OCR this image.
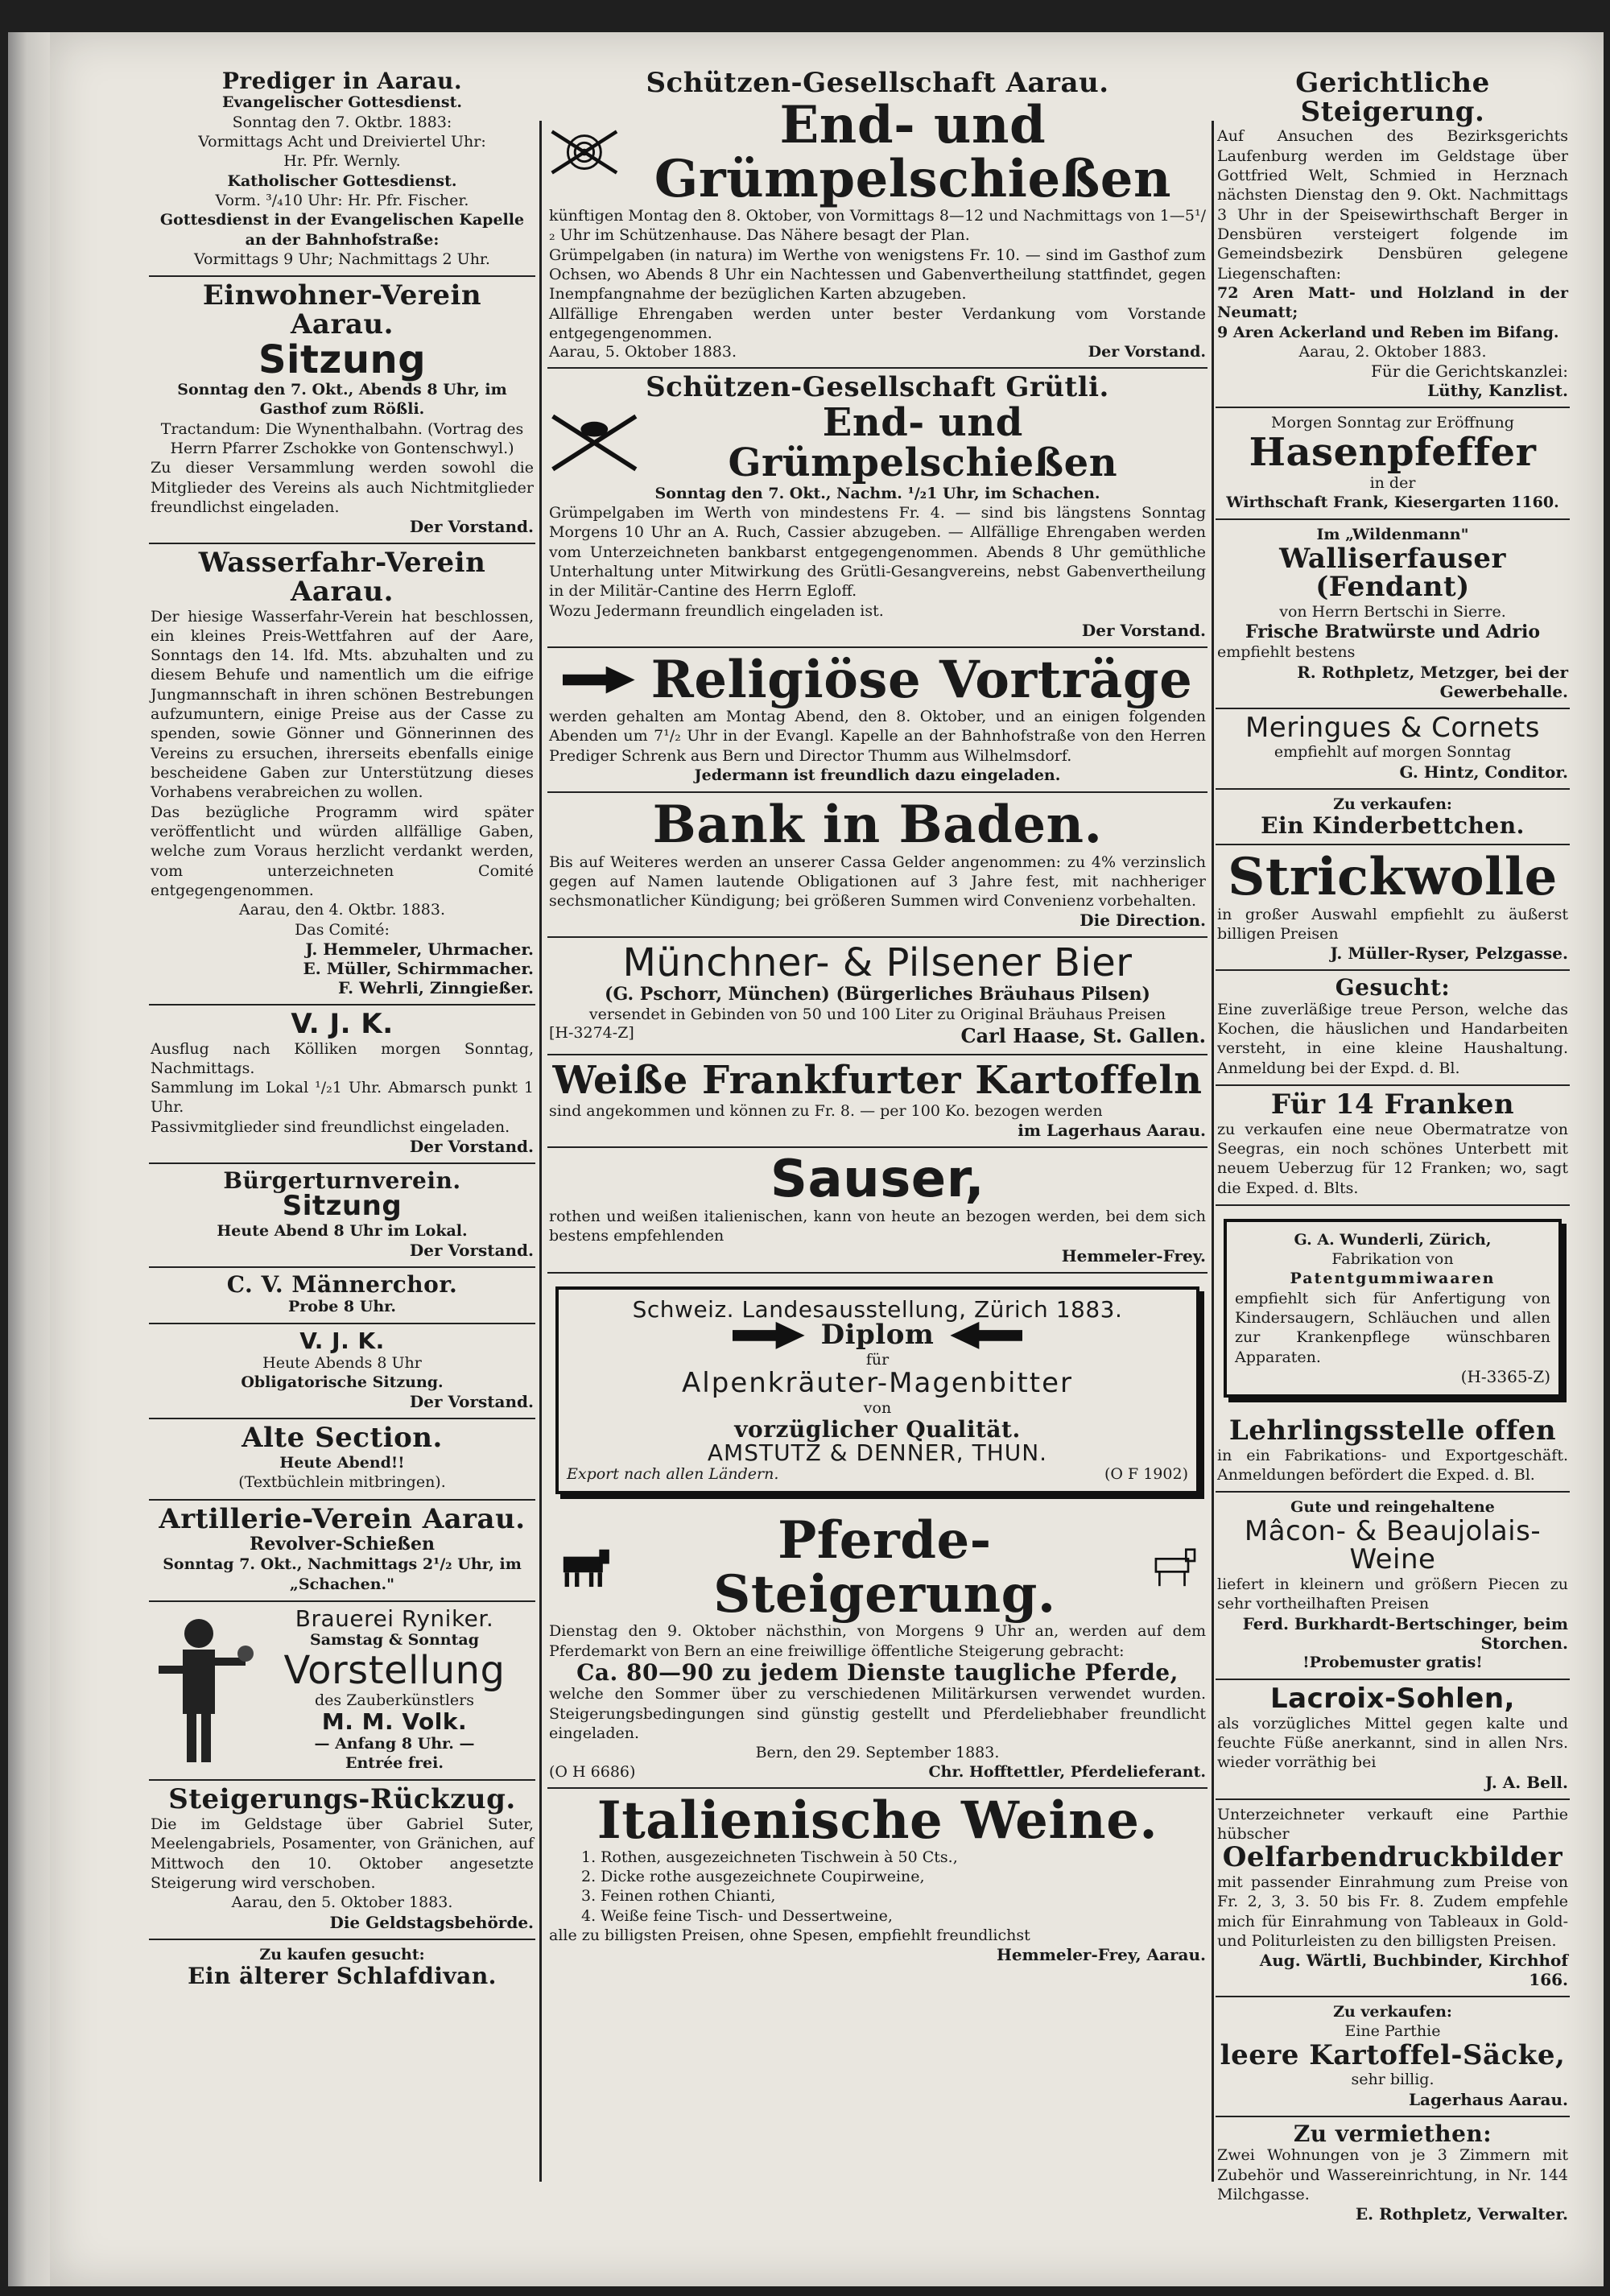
Prediger in Aarau.
Evangelischer Gottesdienst.
Sonntag den 7. Oktbr. 1883:
Vormittags Acht und Dreiviertel Uhr:
Hr. Pfr. Wernly.
Katholischer Gottesdienst.
Vorm. ³/₄10 Uhr: Hr. Pfr. Fischer.
Gottesdienst in der Evangelischen Kapelle an der Bahnhofstraße:
Vormittags 9 Uhr; Nachmittags 2 Uhr.
Einwohner-Verein Aarau.
Sitzung
Sonntag den 7. Okt., Abends 8 Uhr, im Gasthof zum Rößli.
Tractandum: Die Wynenthalbahn. (Vortrag des Herrn Pfarrer Zschokke von Gontenschwyl.)
Zu dieser Versammlung werden sowohl die Mitglieder des Vereins als auch Nichtmitglieder freundlichst eingeladen.
Der Vorstand.
Wasserfahr-Verein Aarau.
Der hiesige Wasserfahr-Verein hat beschlossen, ein kleines Preis-Wettfahren auf der Aare, Sonntags den 14. lfd. Mts. abzuhalten und zu diesem Behufe und namentlich um die eifrige Jungmannschaft in ihren schönen Bestrebungen aufzumuntern, einige Preise aus der Casse zu spenden, sowie Gönner und Gönnerinnen des Vereins zu ersuchen, ihrerseits ebenfalls einige bescheidene Gaben zur Unterstützung dieses Vorhabens verabreichen zu wollen.
Das bezügliche Programm wird später veröffentlicht und würden allfällige Gaben, welche zum Voraus herzlicht verdankt werden, vom unterzeichneten Comité entgegengenommen.
Aarau, den 4. Oktbr. 1883.
Das Comité:
J. Hemmeler, Uhrmacher.
E. Müller, Schirmmacher.
F. Wehrli, Zinngießer.
V. J. K.
Ausflug nach Kölliken morgen Sonntag, Nachmittags.
Sammlung im Lokal ¹/₂1 Uhr. Abmarsch punkt 1 Uhr.
Passivmitglieder sind freundlichst eingeladen.
Der Vorstand.
Bürgerturnverein.
Sitzung
Heute Abend 8 Uhr im Lokal.
Der Vorstand.
C. V. Männerchor.
Probe 8 Uhr.
V. J. K.
Heute Abends 8 Uhr
Obligatorische Sitzung.
Der Vorstand.
Alte Section.
Heute Abend!!
(Textbüchlein mitbringen).
Artillerie-Verein Aarau.
Revolver-Schießen
Sonntag 7. Okt., Nachmittags 2¹/₂ Uhr, im „Schachen."
Brauerei Ryniker.
Samstag & Sonntag
Vorstellung
des Zauberkünstlers
M. M. Volk.
— Anfang 8 Uhr. —
Entrée frei.
Steigerungs-Rückzug.
Die im Geldstage über Gabriel Suter, Meelengabriels, Posamenter, von Gränichen, auf Mittwoch den 10. Oktober angesetzte Steigerung wird verschoben.
Aarau, den 5. Oktober 1883.
Die Geldstagsbehörde.
Zu kaufen gesucht:
Ein älterer Schlafdivan.
Schützen-Gesellschaft Aarau.
End- und Grümpelschießen
künftigen Montag den 8. Oktober, von Vormittags 8—12 und Nachmittags von 1—5¹/₂ Uhr im Schützenhause. Das Nähere besagt der Plan.
Grümpelgaben (in natura) im Werthe von wenigstens Fr. 10. — sind im Gasthof zum Ochsen, wo Abends 8 Uhr ein Nachtessen und Gabenvertheilung stattfindet, gegen Inempfangnahme der bezüglichen Karten abzugeben.
Allfällige Ehrengaben werden unter bester Verdankung vom Vorstande entgegengenommen.
Aarau, 5. Oktober 1883.	Der Vorstand.
Schützen-Gesellschaft Grütli.
End- und Grümpelschießen
Sonntag den 7. Okt., Nachm. ¹/₂1 Uhr, im Schachen.
Grümpelgaben im Werth von mindestens Fr. 4. — sind bis längstens Sonntag Morgens 10 Uhr an A. Ruch, Cassier abzugeben. — Allfällige Ehrengaben werden vom Unterzeichneten bankbarst entgegengenommen. Abends 8 Uhr gemüthliche Unterhaltung unter Mitwirkung des Grütli-Gesangvereins, nebst Gabenvertheilung in der Militär-Cantine des Herrn Egloff.
Wozu Jedermann freundlich eingeladen ist.
Der Vorstand.
Religiöse Vorträge
werden gehalten am Montag Abend, den 8. Oktober, und an einigen folgenden Abenden um 7¹/₂ Uhr in der Evangl. Kapelle an der Bahnhofstraße von den Herren Prediger Schrenk aus Bern und Director Thumm aus Wilhelmsdorf.
Jedermann ist freundlich dazu eingeladen.
Bank in Baden.
Bis auf Weiteres werden an unserer Cassa Gelder angenommen: zu 4% verzinslich gegen auf Namen lautende Obligationen auf 3 Jahre fest, mit nachheriger sechsmonatlicher Kündigung; bei größeren Summen wird Convenienz vorbehalten.
Die Direction.
Münchner- & Pilsener Bier
(G. Pschorr, München) (Bürgerliches Bräuhaus Pilsen)
versendet in Gebinden von 50 und 100 Liter zu Original Bräuhaus Preisen
[H-3274-Z]	Carl Haase, St. Gallen.
Weiße Frankfurter Kartoffeln
sind angekommen und können zu Fr. 8. — per 100 Ko. bezogen werden
im Lagerhaus Aarau.
Sauser,
rothen und weißen italienischen, kann von heute an bezogen werden, bei dem sich bestens empfehlenden
Hemmeler-Frey.
Schweiz. Landesausstellung, Zürich 1883.
Diplom
für
Alpenkräuter-Magenbitter
von
vorzüglicher Qualität.
AMSTUTZ & DENNER, THUN.
Export nach allen Ländern.	(O F 1902)
Pferde-Steigerung.
Dienstag den 9. Oktober nächsthin, von Morgens 9 Uhr an, werden auf dem Pferdemarkt von Bern an eine freiwillige öffentliche Steigerung gebracht:
Ca. 80—90 zu jedem Dienste taugliche Pferde,
welche den Sommer über zu verschiedenen Militärkursen verwendet wurden. Steigerungsbedingungen sind günstig gestellt und Pferdeliebhaber freundlicht eingeladen.
Bern, den 29. September 1883.
(O H 6686)	Chr. Hofftettler, Pferdelieferant.
Italienische Weine.
1. Rothen, ausgezeichneten Tischwein à 50 Cts.,
2. Dicke rothe ausgezeichnete Coupirweine,
3. Feinen rothen Chianti,
4. Weiße feine Tisch- und Dessertweine,
alle zu billigsten Preisen, ohne Spesen, empfiehlt freundlichst
Hemmeler-Frey, Aarau.
Gerichtliche Steigerung.
Auf Ansuchen des Bezirksgerichts Laufenburg werden im Geldstage über Gottfried Welt, Schmied in Herznach nächsten Dienstag den 9. Okt. Nachmittags 3 Uhr in der Speisewirthschaft Berger in Densbüren versteigert folgende im Gemeindsbezirk Densbüren gelegene Liegenschaften:
72 Aren Matt- und Holzland in der Neumatt;
9 Aren Ackerland und Reben im Bifang.
Aarau, 2. Oktober 1883.
Für die Gerichtskanzlei:
Lüthy, Kanzlist.
Morgen Sonntag zur Eröffnung
Hasenpfeffer
in der
Wirthschaft Frank, Kiesergarten 1160.
Im „Wildenmann"
Walliserfauser (Fendant)
von Herrn Bertschi in Sierre.
Frische Bratwürste und Adrio
empfiehlt bestens
R. Rothpletz, Metzger, bei der Gewerbehalle.
Meringues & Cornets
empfiehlt auf morgen Sonntag
G. Hintz, Conditor.
Zu verkaufen:
Ein Kinderbettchen.
Strickwolle
in großer Auswahl empfiehlt zu äußerst billigen Preisen
J. Müller-Ryser, Pelzgasse.
Gesucht:
Eine zuverläßige treue Person, welche das Kochen, die häuslichen und Handarbeiten versteht, in eine kleine Haushaltung. Anmeldung bei der Expd. d. Bl.
Für 14 Franken
zu verkaufen eine neue Obermatratze von Seegras, ein noch schönes Unterbett mit neuem Ueberzug für 12 Franken; wo, sagt die Exped. d. Blts.
G. A. Wunderli, Zürich,
Fabrikation von
Patentgummiwaaren
empfiehlt sich für Anfertigung von Kindersaugern, Schläuchen und allen zur Krankenpflege wünschbaren Apparaten.
(H-3365-Z)
Lehrlingsstelle offen
in ein Fabrikations- und Exportgeschäft. Anmeldungen befördert die Exped. d. Bl.
Gute und reingehaltene
Mâcon- & Beaujolais-Weine
liefert in kleinern und größern Piecen zu sehr vortheilhaften Preisen
Ferd. Burkhardt-Bertschinger, beim Storchen.
!Probemuster gratis!
Lacroix-Sohlen,
als vorzügliches Mittel gegen kalte und feuchte Füße anerkannt, sind in allen Nrs. wieder vorräthig bei
J. A. Bell.
Unterzeichneter verkauft eine Parthie hübscher
Oelfarbendruckbilder
mit passender Einrahmung zum Preise von Fr. 2, 3, 3. 50 bis Fr. 8. Zudem empfehle mich für Einrahmung von Tableaux in Gold- und Politurleisten zu den billigsten Preisen.
Aug. Wärtli, Buchbinder, Kirchhof 166.
Zu verkaufen:
Eine Parthie
leere Kartoffel-Säcke,
sehr billig.
Lagerhaus Aarau.
Zu vermiethen:
Zwei Wohnungen von je 3 Zimmern mit Zubehör und Wassereinrichtung, in Nr. 144 Milchgasse.
E. Rothpletz, Verwalter.
